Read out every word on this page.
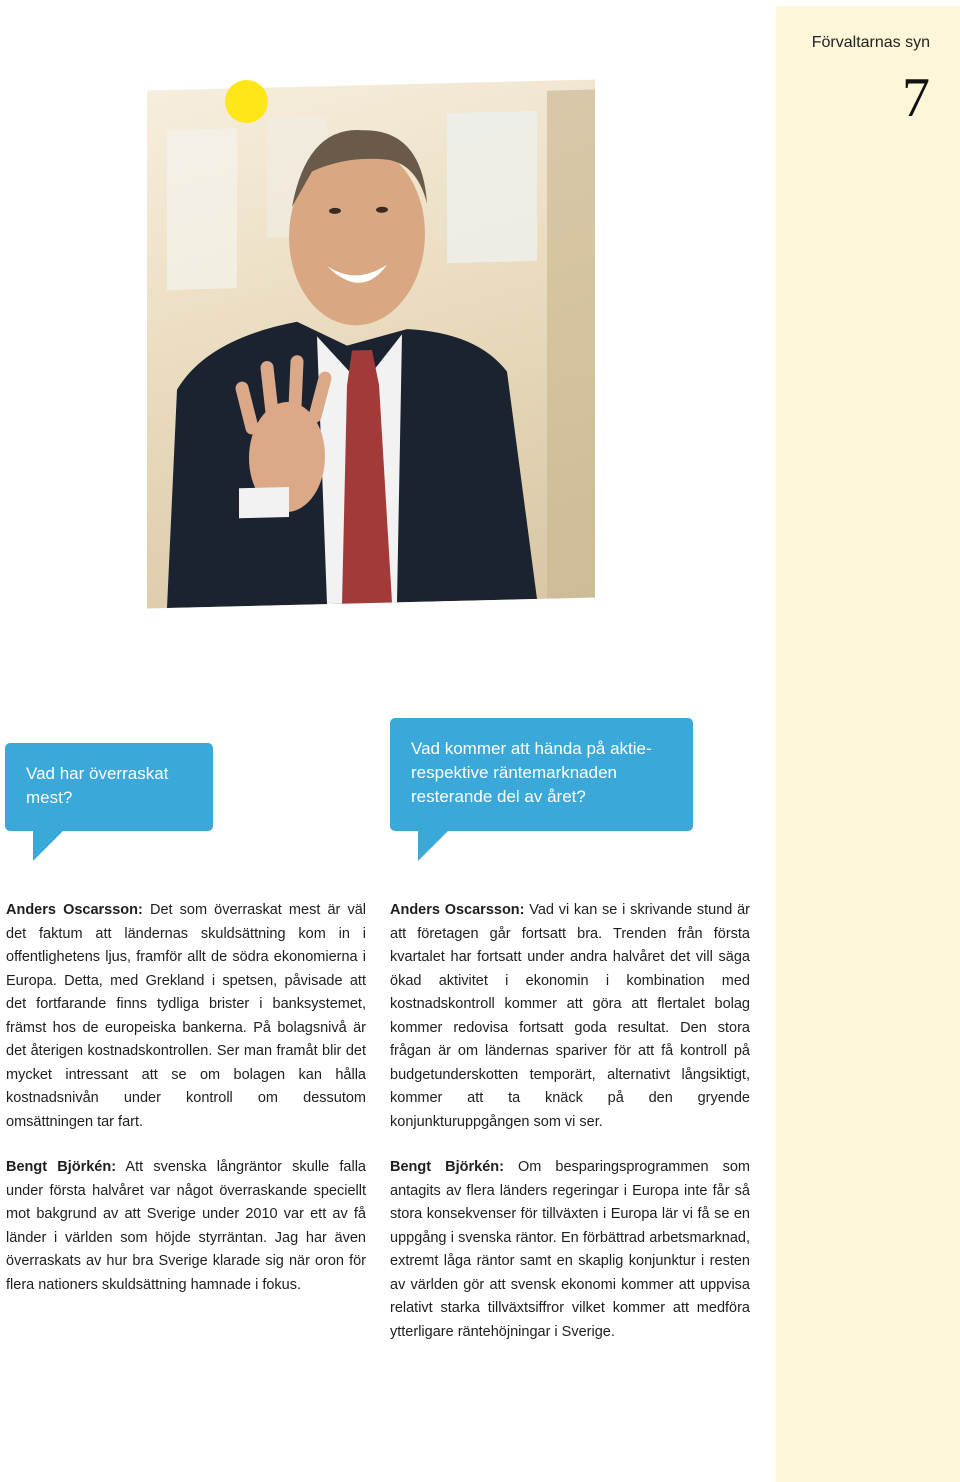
Förvaltarnas syn
7
Vad har överraskat mest?
Vad kommer att hända på aktierespektive räntemarknaden resterande del av året?

Anders Oscarsson: Det som överraskat mest är väl det faktum att ländernas skuldsättning kom in i offentlighetens ljus, framför allt de södra ekonomierna i Europa. Detta, med Grekland i spetsen, påvisade att det fortfarande finns tydliga brister i banksystemet, främst hos de europeiska bankerna. På bolagsnivå är det återigen kostnadskontrollen. Ser man framåt blir det mycket intressant att se om bolagen kan hålla kostnadsnivån under kontroll om dessutom omsättningen tar fart.

Bengt Björkén: Att svenska långräntor skulle falla under första halvåret var något överraskande speciellt mot bakgrund av att Sverige under 2010 var ett av få länder i världen som höjde styrräntan. Jag har även överraskats av hur bra Sverige klarade sig när oron för flera nationers skuldsättning hamnade i fokus.

Anders Oscarsson: Vad vi kan se i skrivande stund är att företagen går fortsatt bra. Trenden från första kvartalet har fortsatt under andra halvåret det vill säga ökad aktivitet i ekonomin i kombination med kostnadskontroll kommer att göra att flertalet bolag kommer redovisa fortsatt goda resultat. Den stora frågan är om ländernas spariver för att få kontroll på budgetunderskotten temporärt, alternativt långsiktigt, kommer att ta knäck på den gryende konjunkturuppgången som vi ser.

Bengt Björkén: Om besparingsprogrammen som antagits av flera länders regeringar i Europa inte får så stora konsekvenser för tillväxten i Europa lär vi få se en uppgång i svenska räntor. En förbättrad arbetsmarknad, extremt låga räntor samt en skaplig konjunktur i resten av världen gör att svensk ekonomi kommer att uppvisa relativt starka tillväxtsiffror vilket kommer att medföra ytterligare räntehöjningar i Sverige.
